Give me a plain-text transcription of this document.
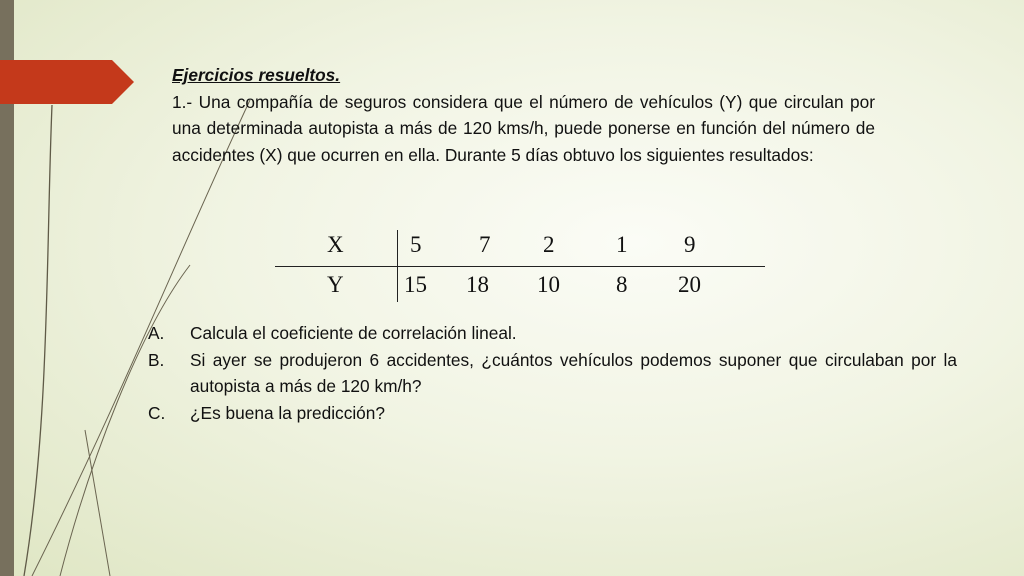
Ejercicios resueltos.
1.- Una compañía de seguros considera que el número de vehículos (Y) que circulan por una determinada autopista a más de 120 kms/h, puede ponerse en función del número de accidentes (X) que ocurren en ella. Durante 5 días obtuvo los siguientes resultados:
X	5	7 2	1 9
Y	15 18 10 8 20
A. Calcula el coeficiente de correlación lineal.
B. Si ayer se produjeron 6 accidentes, ¿cuántos vehículos podemos suponer que circulaban por la autopista a más de 120 km/h?
C. ¿Es buena la predicción?
